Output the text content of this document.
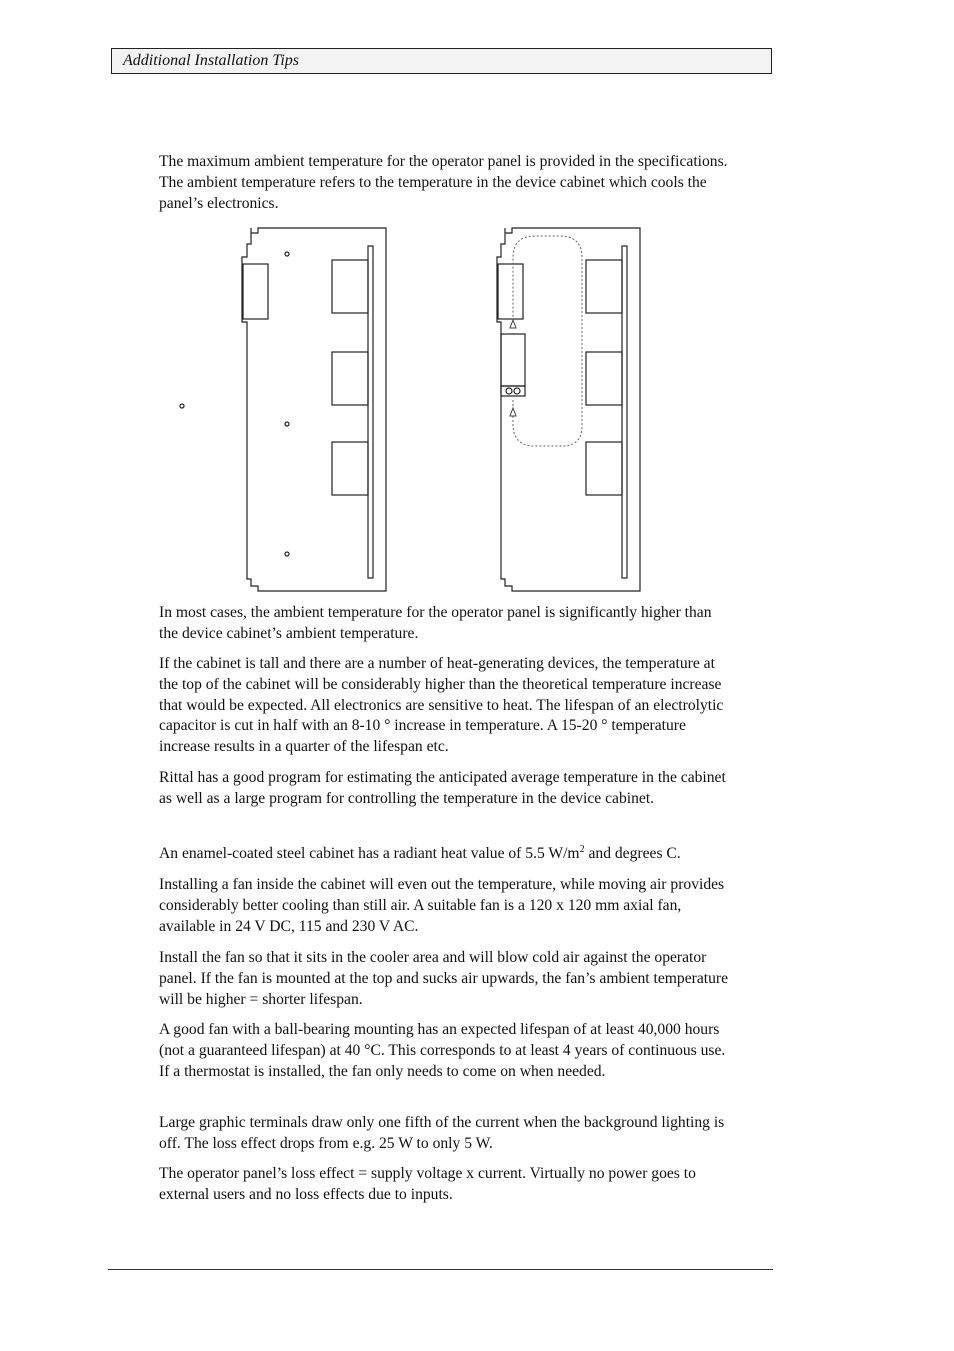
Additional Installation Tips

The maximum ambient temperature for the operator panel is provided in the specifications. The ambient temperature refers to the temperature in the device cabinet which cools the panel’s electronics.

In most cases, the ambient temperature for the operator panel is significantly higher than the device cabinet’s ambient temperature.

If the cabinet is tall and there are a number of heat-generating devices, the temperature at the top of the cabinet will be considerably higher than the theoretical temperature increase that would be expected. All electronics are sensitive to heat. The lifespan of an electrolytic capacitor is cut in half with an 8-10 ° increase in temperature. A 15-20 ° temperature increase results in a quarter of the lifespan etc.

Rittal has a good program for estimating the anticipated average temperature in the cabinet as well as a large program for controlling the temperature in the device cabinet.

An enamel-coated steel cabinet has a radiant heat value of 5.5 $W/m^2$ and degrees C.

Installing a fan inside the cabinet will even out the temperature, while moving air provides considerably better cooling than still air. A suitable fan is a 120 x 120 mm axial fan, available in 24 V DC, 115 and 230 V AC.

Install the fan so that it sits in the cooler area and will blow cold air against the operator panel. If the fan is mounted at the top and sucks air upwards, the fan’s ambient temperature will be higher = shorter lifespan.

A good fan with a ball-bearing mounting has an expected lifespan of at least 40,000 hours (not a guaranteed lifespan) at 40 °C. This corresponds to at least 4 years of continuous use. If a thermostat is installed, the fan only needs to come on when needed.

Large graphic terminals draw only one fifth of the current when the background lighting is off. The loss effect drops from e.g. 25 W to only 5 W.

The operator panel’s loss effect = supply voltage x current. Virtually no power goes to external users and no loss effects due to inputs.
